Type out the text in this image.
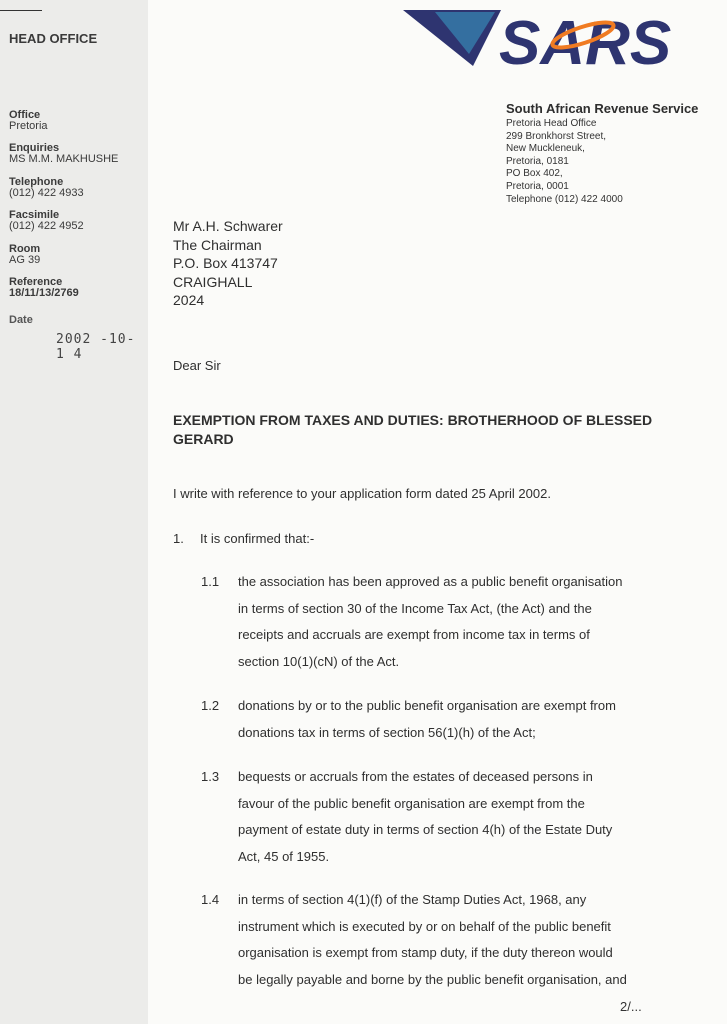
HEAD OFFICE
Office
Pretoria
Enquiries
MS M.M. MAKHUSHE
Telephone
(012) 422 4933
Facsimile
(012) 422 4952
Room
AG 39
Reference
18/11/13/2769
Date
2002 -10- 1 4
SARS
South African Revenue Service
Pretoria Head Office
299 Bronkhorst Street,
New Muckleneuk,
Pretoria, 0181
PO Box 402,
Pretoria, 0001
Telephone (012) 422 4000
Mr A.H. Schwarer
The Chairman
P.O. Box 413747
CRAIGHALL
2024
Dear Sir
EXEMPTION FROM TAXES AND DUTIES: BROTHERHOOD OF BLESSED GERARD
I write with reference to your application form dated 25 April 2002.
1. It is confirmed that:-
1.1 the association has been approved as a public benefit organisation
in terms of section 30 of the Income Tax Act, (the Act) and the
receipts and accruals are exempt from income tax in terms of
section 10(1)(cN) of the Act.
1.2 donations by or to the public benefit organisation are exempt from
donations tax in terms of section 56(1)(h) of the Act;
1.3 bequests or accruals from the estates of deceased persons in
favour of the public benefit organisation are exempt from the
payment of estate duty in terms of section 4(h) of the Estate Duty
Act, 45 of 1955.
1.4 in terms of section 4(1)(f) of the Stamp Duties Act, 1968, any
instrument which is executed by or on behalf of the public benefit
organisation is exempt from stamp duty, if the duty thereon would
be legally payable and borne by the public benefit organisation, and
2/...
